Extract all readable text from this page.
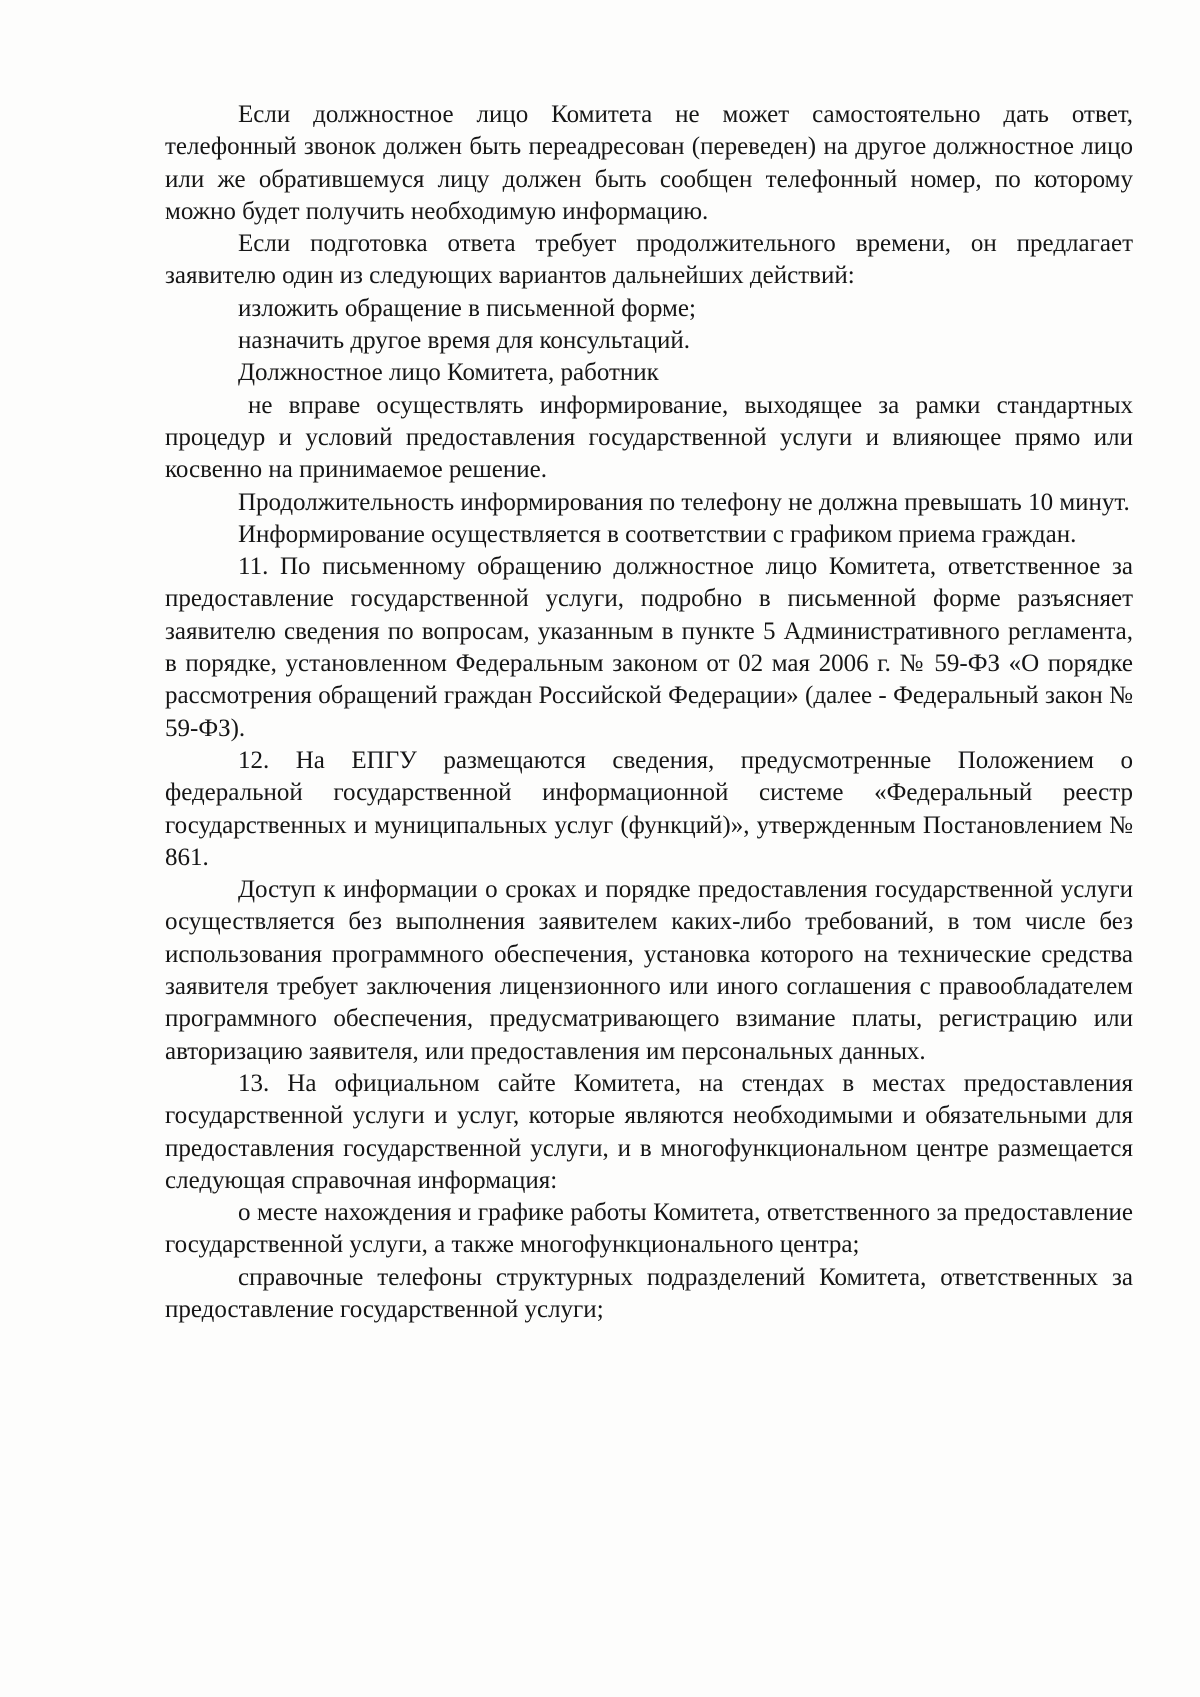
Если должностное лицо Комитета не может самостоятельно дать ответ, телефонный звонок должен быть переадресован (переведен) на другое должностное лицо или же обратившемуся лицу должен быть сообщен телефонный номер, по которому можно будет получить необходимую информацию.

Если подготовка ответа требует продолжительного времени, он предлагает заявителю один из следующих вариантов дальнейших действий:

изложить обращение в письменной форме;

назначить другое время для консультаций.

Должностное лицо Комитета, работник

не вправе осуществлять информирование, выходящее за рамки стандартных процедур и условий предоставления государственной услуги и влияющее прямо или косвенно на принимаемое решение.

Продолжительность информирования по телефону не должна превышать 10 минут.

Информирование осуществляется в соответствии с графиком приема граждан.

11. По письменному обращению должностное лицо Комитета, ответственное за предоставление государственной услуги, подробно в письменной форме разъясняет заявителю сведения по вопросам, указанным в пункте 5 Административного регламента, в порядке, установленном Федеральным законом от 02 мая 2006 г. № 59-ФЗ «О порядке рассмотрения обращений граждан Российской Федерации» (далее - Федеральный закон № 59-ФЗ).

12. На ЕПГУ размещаются сведения, предусмотренные Положением о федеральной государственной информационной системе «Федеральный реестр государственных и муниципальных услуг (функций)», утвержденным Постановлением № 861.

Доступ к информации о сроках и порядке предоставления государственной услуги осуществляется без выполнения заявителем каких-либо требований, в том числе без использования программного обеспечения, установка которого на технические средства заявителя требует заключения лицензионного или иного соглашения с правообладателем программного обеспечения, предусматривающего взимание платы, регистрацию или авторизацию заявителя, или предоставления им персональных данных.

13. На официальном сайте Комитета, на стендах в местах предоставления государственной услуги и услуг, которые являются необходимыми и обязательными для предоставления государственной услуги, и в многофункциональном центре размещается следующая справочная информация:

о месте нахождения и графике работы Комитета, ответственного за предоставление государственной услуги, а также многофункционального центра;

справочные телефоны структурных подразделений Комитета, ответственных за предоставление государственной услуги;
